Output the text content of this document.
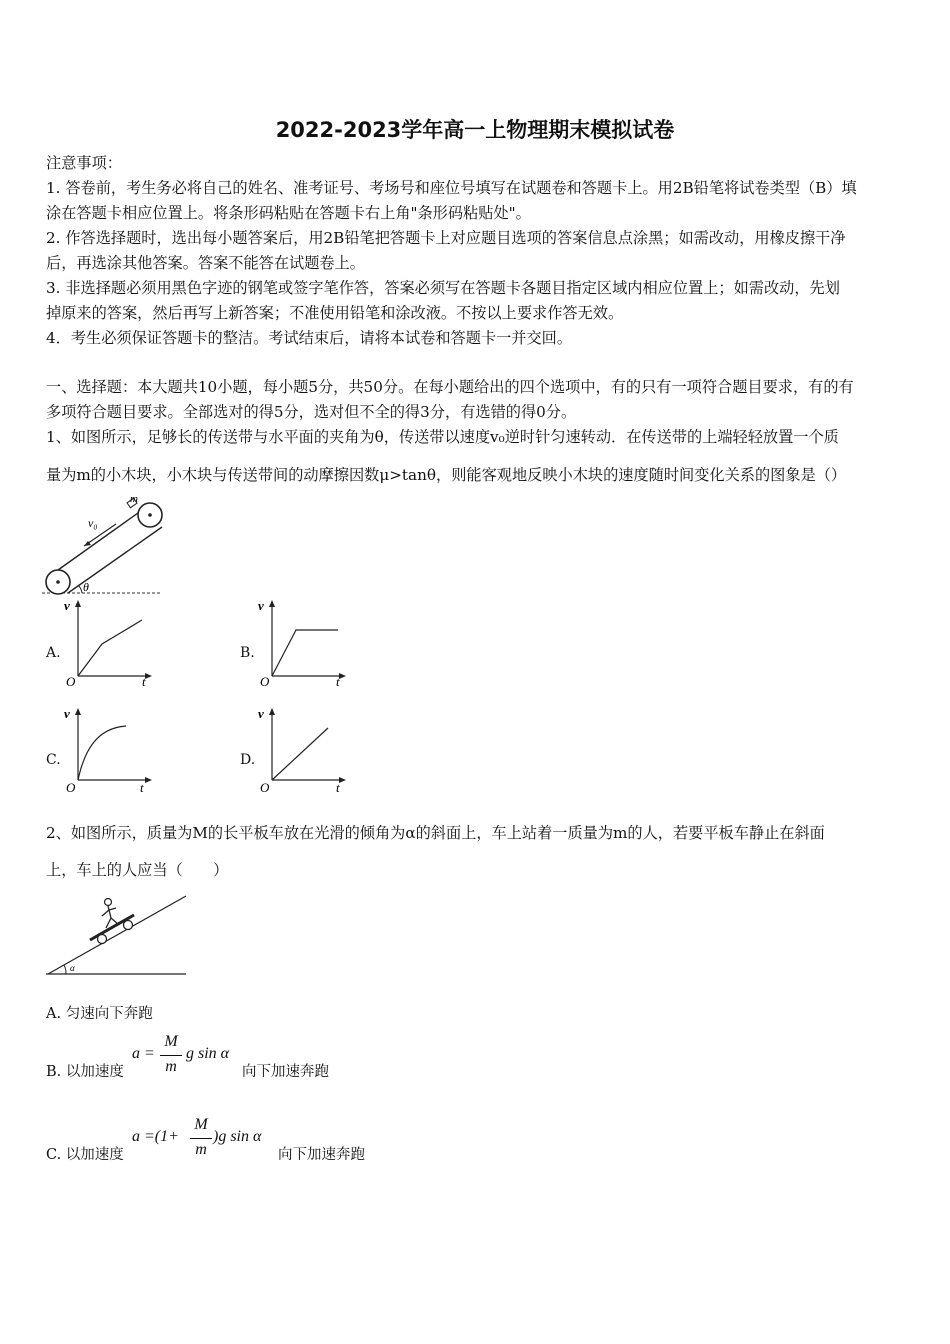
2022-2023学年高一上物理期末模拟试卷
注意事项：
1. 答卷前，考生务必将自己的姓名、准考证号、考场号和座位号填写在试题卷和答题卡上。用2B铅笔将试卷类型（B）填
涂在答题卡相应位置上。将条形码粘贴在答题卡右上角"条形码粘贴处"。
2. 作答选择题时，选出每小题答案后，用2B铅笔把答题卡上对应题目选项的答案信息点涂黑；如需改动，用橡皮擦干净
后，再选涂其他答案。答案不能答在试题卷上。
3. 非选择题必须用黑色字迹的钢笔或签字笔作答，答案必须写在答题卡各题目指定区域内相应位置上；如需改动，先划
掉原来的答案，然后再写上新答案；不准使用铅笔和涂改液。不按以上要求作答无效。
4．考生必须保证答题卡的整洁。考试结束后，请将本试卷和答题卡一并交回。
一、选择题：本大题共10小题，每小题5分，共50分。在每小题给出的四个选项中，有的只有一项符合题目要求，有的有
多项符合题目要求。全部选对的得5分，选对但不全的得3分，有选错的得0分。
1、如图所示，足够长的传送带与水平面的夹角为θ，传送带以速度v₀逆时针匀速转动．在传送带的上端轻轻放置一个质
量为m的小木块，小木块与传送带间的动摩擦因数μ>tanθ，则能客观地反映小木块的速度随时间变化关系的图象是（）
v₀
m
θ
A.
v
O	t
B.
v
O	t
C.
v
O	t
D.
v
O	t
2、如图所示，质量为M的长平板车放在光滑的倾角为α的斜面上，车上站着一质量为m的人，若要平板车静止在斜面
上，车上的人应当（　　）
α
A. 匀速向下奔跑
B. 以加速度
a =
M
m
g sin α
向下加速奔跑
C. 以加速度
a =(1+
M
m
)g sin α
向下加速奔跑
